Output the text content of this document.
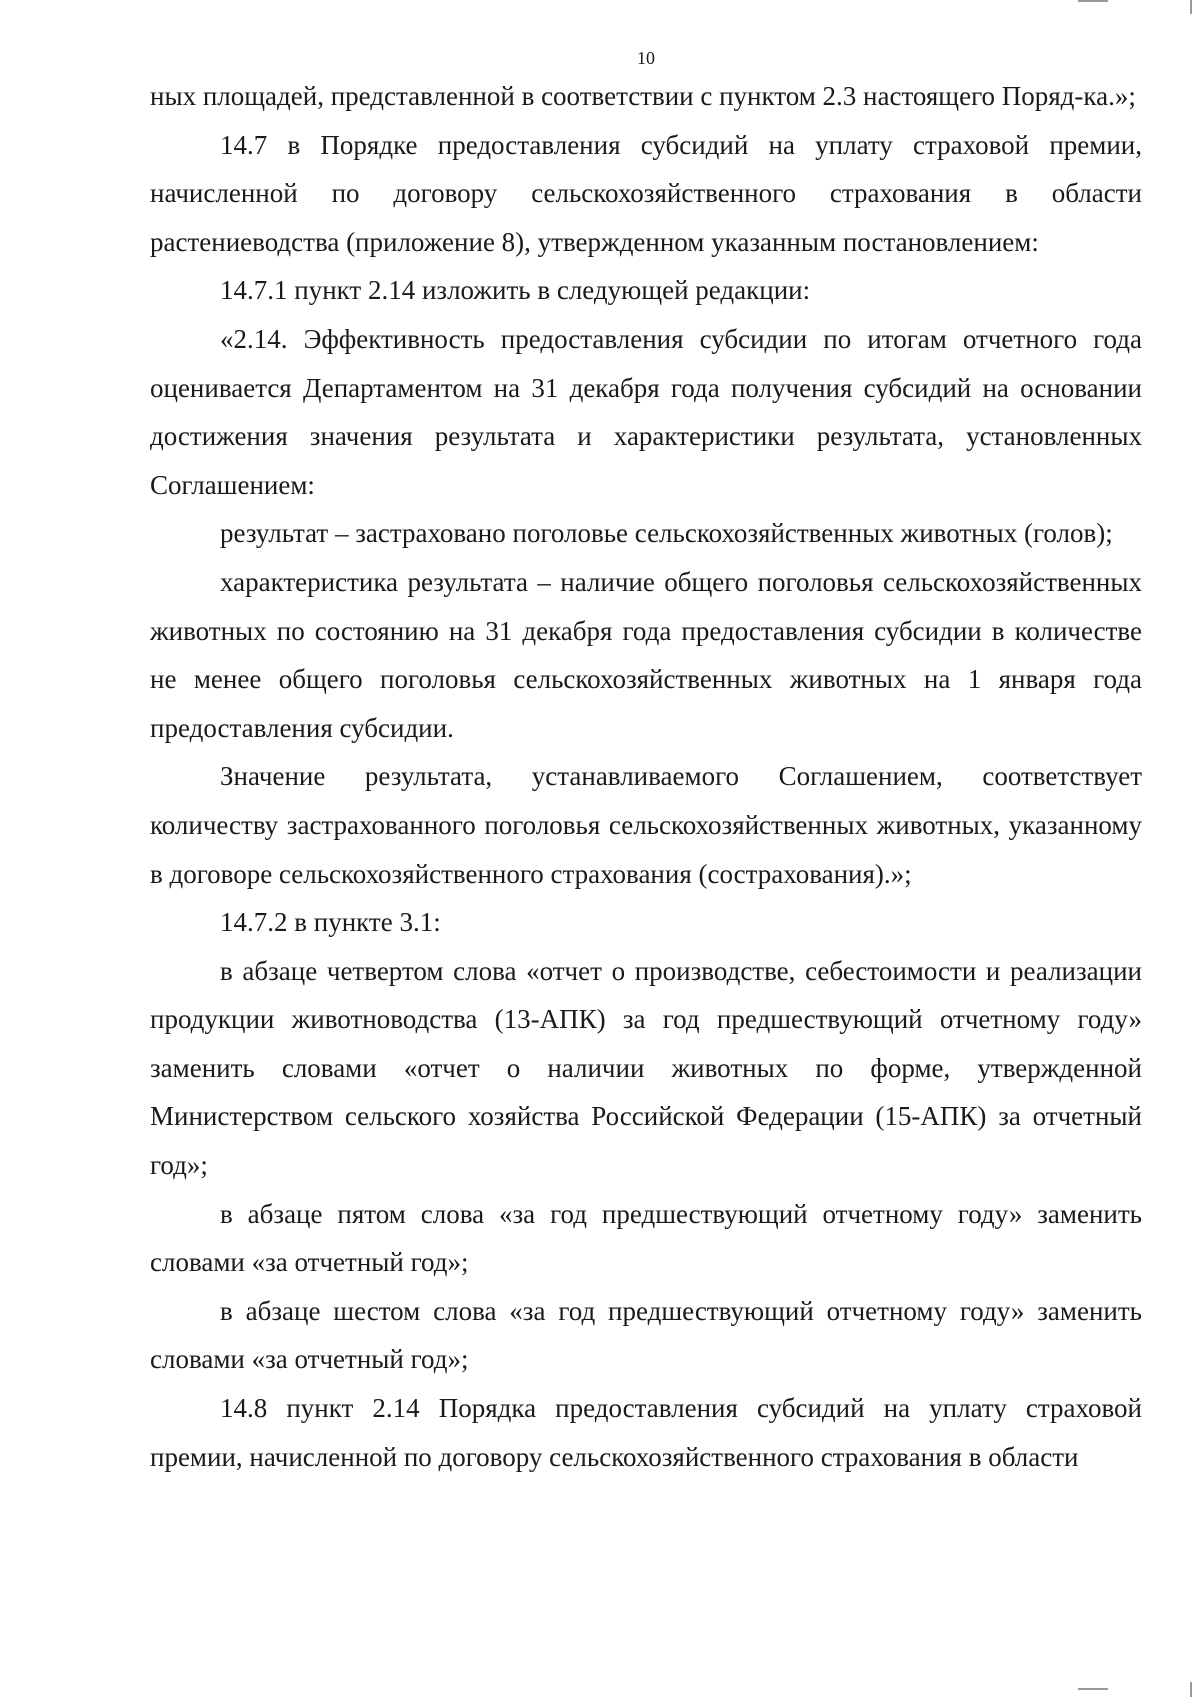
10

ных площадей, представленной в соответствии с пунктом 2.3 настоящего Поряд-ка.»;

14.7 в Порядке предоставления субсидий на уплату страховой премии, начисленной по договору сельскохозяйственного страхования в области растениеводства (приложение 8), утвержденном указанным постановлением:

14.7.1 пункт 2.14 изложить в следующей редакции:

«2.14. Эффективность предоставления субсидии по итогам отчетного года оценивается Департаментом на 31 декабря года получения субсидий на основании достижения значения результата и характеристики результата, установленных Соглашением:

результат – застраховано поголовье сельскохозяйственных животных (голов);

характеристика результата – наличие общего поголовья сельскохозяйственных животных по состоянию на 31 декабря года предоставления субсидии в количестве не менее общего поголовья сельскохозяйственных животных на 1 января года предоставления субсидии.

Значение результата, устанавливаемого Соглашением, соответствует количеству застрахованного поголовья сельскохозяйственных животных, указанному в договоре сельскохозяйственного страхования (сострахования).»;

14.7.2 в пункте 3.1:

в абзаце четвертом слова «отчет о производстве, себестоимости и реализации продукции животноводства (13-АПК) за год предшествующий отчетному году» заменить словами «отчет о наличии животных по форме, утвержденной Министерством сельского хозяйства Российской Федерации (15-АПК) за отчетный год»;

в абзаце пятом слова «за год предшествующий отчетному году» заменить словами «за отчетный год»;

в абзаце шестом слова «за год предшествующий отчетному году» заменить словами «за отчетный год»;

14.8 пункт 2.14 Порядка предоставления субсидий на уплату страховой премии, начисленной по договору сельскохозяйственного страхования в области
